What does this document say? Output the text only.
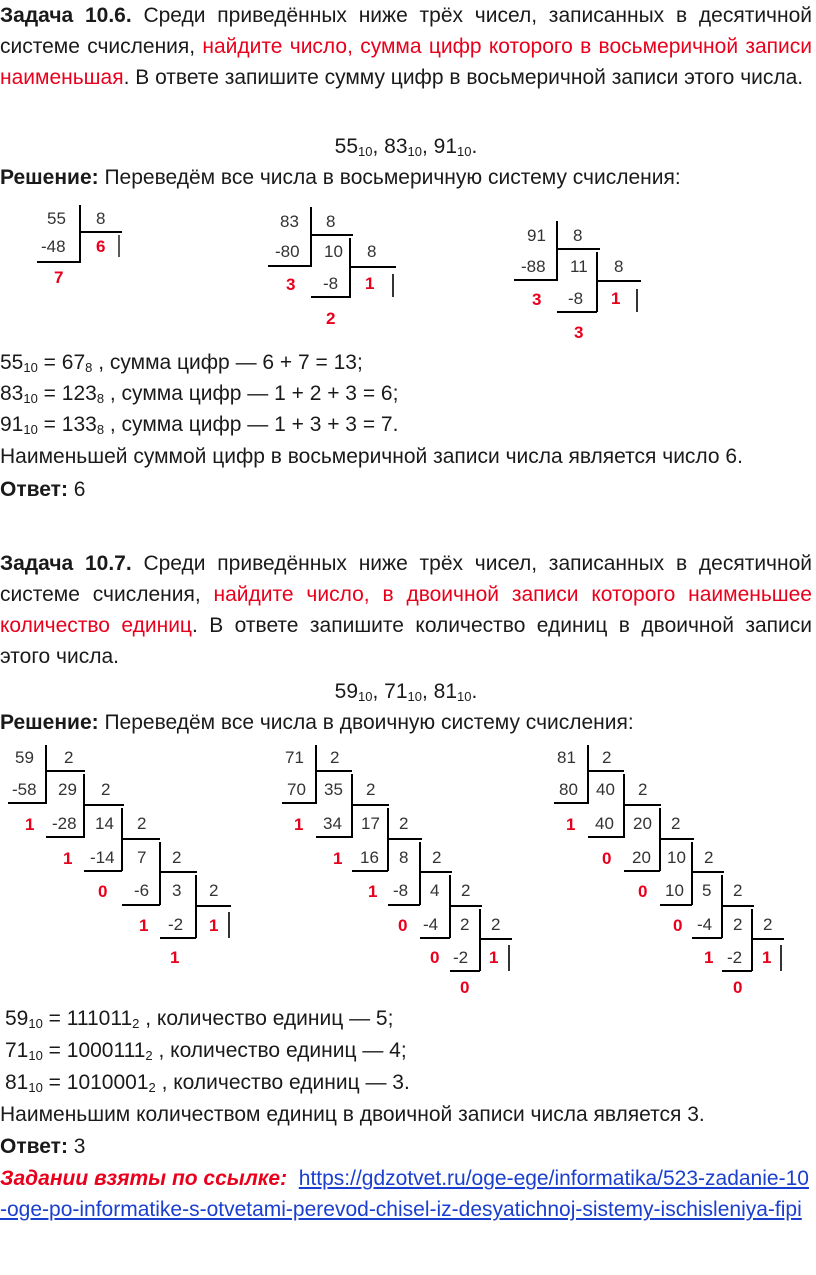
Задача 10.6. Среди приведённых ниже трёх чисел, записанных в десятичной системе счисления, найдите число, сумма цифр которого в восьмеричной записи наименьшая. В ответе запишите сумму цифр в восьмеричной записи этого числа.

$55_{10}$, $83_{10}$, $91_{10}$.

Решение: Переведём все числа в восьмеричную систему счисления:

55 8
-48 6
7
83 8
-80 10 8
-8
3	1
2
91 8
-88 11 8
-8
3	1
3

$55_{10} = 67_8$ , сумма цифр — 6 + 7 = 13;

$83_{10} = 123_8$ , сумма цифр — 1 + 2 + 3 = 6;

$91_{10} = 133_8$ , сумма цифр — 1 + 3 + 3 = 7.

Наименьшей суммой цифр в восьмеричной записи числа является число 6.

Ответ: 6

Задача 10.7. Среди приведённых ниже трёх чисел, записанных в десятичной системе счисления, найдите число, в двоичной записи которого наименьшее количество единиц. В ответе запишите количество единиц в двоичной записи этого числа.

$59_{10}$, $71_{10}$, $81_{10}$.

Решение: Переведём все числа в двоичную систему счисления:

59 2
-58 29 2
1 -28 14 2
1 -14 7 2
0 -6 3 2
1 -2 1
1
71 2
70 35 2
1 34 17 2
1 16 8 2
1 -8 4 2
0 -4 2 2
0 -2 1
0
81 2
80 40 2
1 40 20 2
0 20 10 2
0 10 5 2
0 -4 2 2
1 -2 1
0

$59_{10} = 111011_2$ , количество единиц — 5;

$71_{10} = 1000111_2$ , количество единиц — 4;

$81_{10} = 1010001_2$ , количество единиц — 3.

Наименьшим количеством единиц в двоичной записи числа является 3.

Ответ: 3

Задании взяты по ссылке: https://gdzotvet.ru/oge-ege/informatika/523-zadanie-10-oge-po-informatike-s-otvetami-perevod-chisel-iz-desyatichnoj-sistemy-ischisleniya-fipi
